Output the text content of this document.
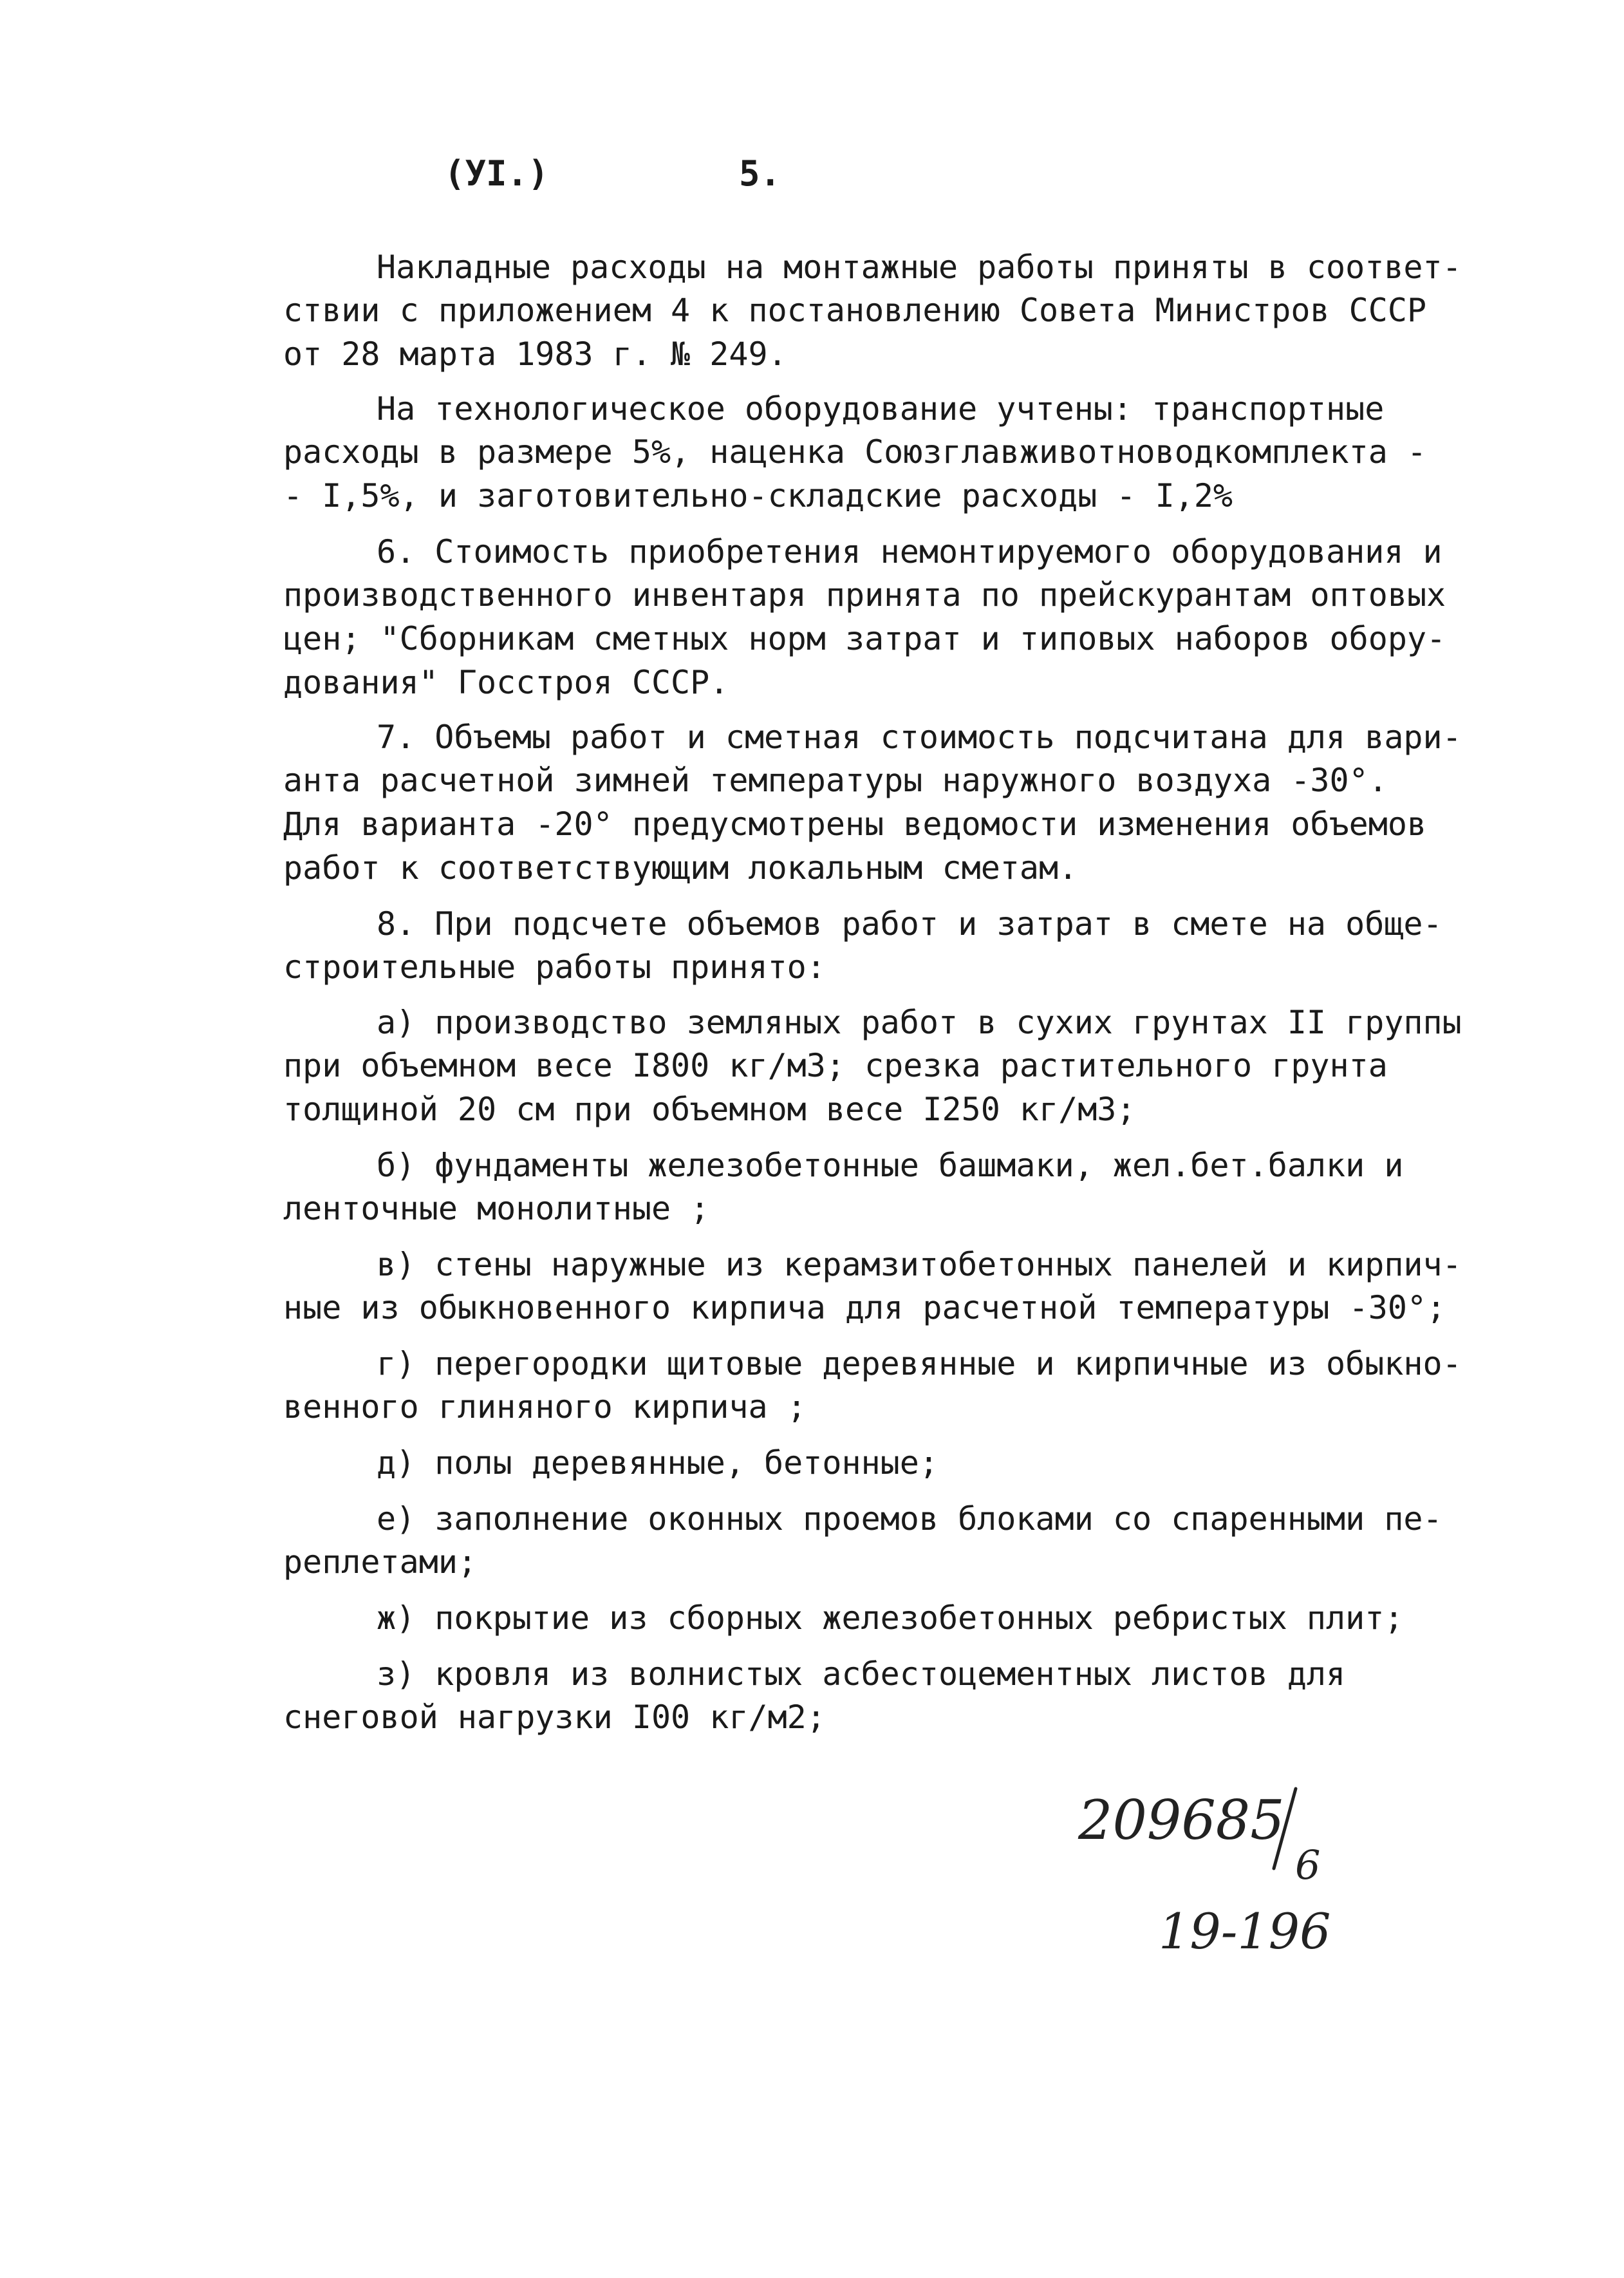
(УI.)	5.
Накладные расходы на монтажные работы приняты в соответ-
ствии с приложением 4 к постановлению Совета Министров СССР
от 28 марта 1983 г. № 249.
На технологическое оборудование учтены: транспортные
расходы в размере 5%, наценка Союзглавживотноводкомплекта -
- I,5%, и заготовительно-складские расходы - I,2%
6. Стоимость приобретения немонтируемого оборудования и
производственного инвентаря принята по прейскурантам оптовых
цен; "Сборникам сметных норм затрат и типовых наборов обору-
дования" Госстроя СССР.
7. Объемы работ и сметная стоимость подсчитана для вари-
анта расчетной зимней температуры наружного воздуха -30°.
Для варианта -20° предусмотрены ведомости изменения объемов
работ к соответствующим локальным сметам.
8. При подсчете объемов работ и затрат в смете на обще-
строительные работы принято:
а) производство земляных работ в сухих грунтах II группы
при объемном весе I800 кг/м3; срезка растительного грунта
толщиной 20 см при объемном весе I250 кг/м3;
б) фундаменты железобетонные башмаки, жел.бет.балки и
ленточные монолитные ;
в) стены наружные из керамзитобетонных панелей и кирпич-
ные из обыкновенного кирпича для расчетной температуры -30°;
г) перегородки щитовые деревянные и кирпичные из обыкно-
венного глиняного кирпича ;
д) полы деревянные, бетонные;
е) заполнение оконных проемов блоками со спаренными пе-
реплетами;
ж) покрытие из сборных железобетонных ребристых плит;
з) кровля из волнистых асбестоцементных листов для
снеговой нагрузки I00 кг/м2;
209685
6
19-196
